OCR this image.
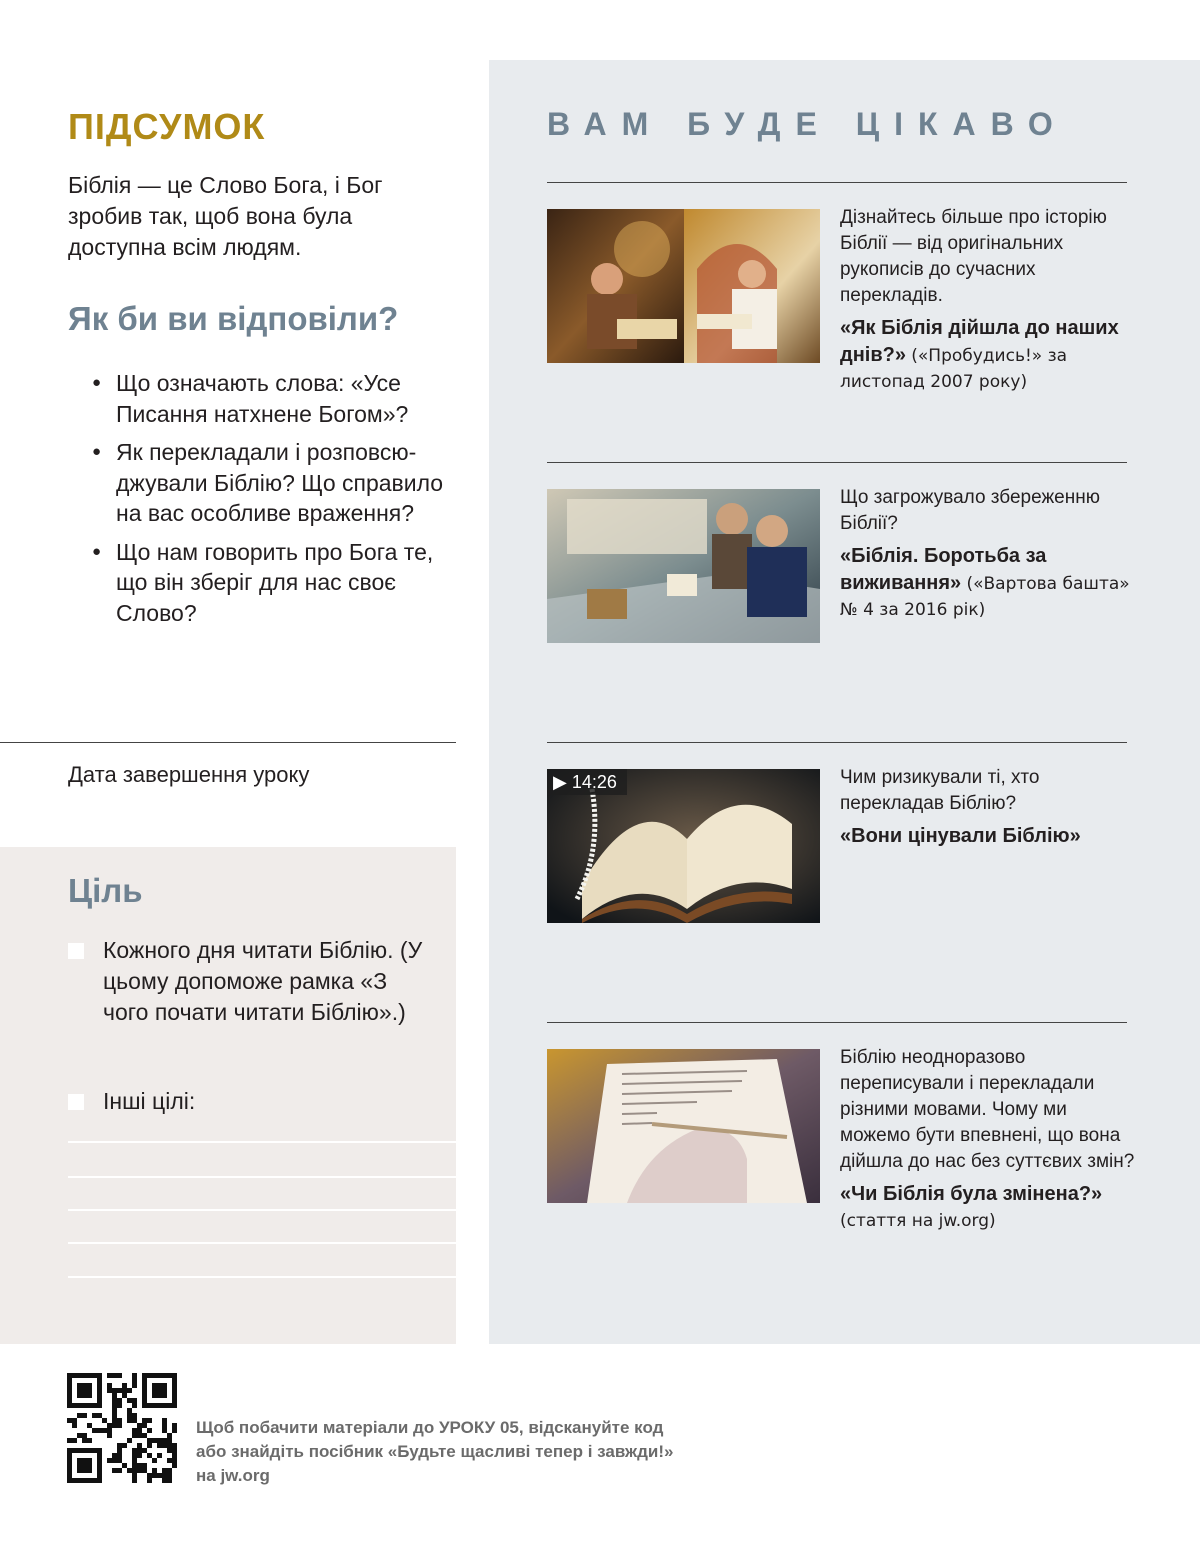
ПІДСУМОК

Біблія — це Слово Бога, і Бог зробив так, щоб вона була доступна всім людям.

Як би ви відповіли?
● Що означають слова: «Усе Писання натхнене Богом»?
● Як перекладали і розповсюджували Біблію? Що справило на вас особливе враження?
● Що нам говорить про Бога те, що він зберіг для нас своє Слово?
Дата завершення уроку
Ціль
Кожного дня читати Біблію. (У цьому допоможе рамка «З чого почати читати Біблію».)
Інші цілі:
ВАМ БУДЕ ЦІКАВО

Дізнайтесь більше про історію Біблії — від оригінальних рукописів до сучасних перекладів.

«Як Біблія дійшла до наших днів?» («Пробудись!» за листопад 2007 року)

Що загрожувало збереженню Біблії?

«Біблія. Боротьба за виживання» («Вартова башта» № 4 за 2016 рік)

▶ 14:26	Чим ризикували ті, хто перекладав Біблію?

«Вони цінували Біблію»

Біблію неодноразово переписували і перекладали різними мовами. Чому ми можемо бути впевнені, що вона дійшла до нас без суттєвих змін?

«Чи Біблія була змінена?»
(стаття на jw.org)

Щоб побачити матеріали до УРОКУ 05, відскануйте код
або знайдіть посібник «Будьте щасливі тепер і завжди!»
на jw.org
